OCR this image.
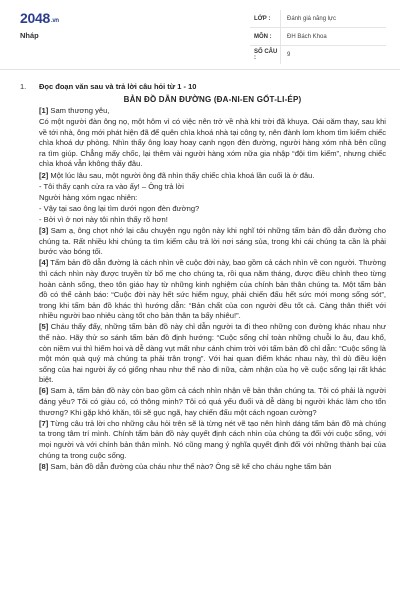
2048.vn
Nháp
LỚP :	Đánh giá năng lực
MÔN :	ĐH Bách Khoa
SỐ CÂU :	9
1. Đọc đoạn văn sau và trả lời câu hỏi từ 1 - 10
BẢN ĐỒ DẪN ĐƯỜNG (ĐA-NI-EN GỐT-LI-ÉP)
[1] Sam thương yêu,
Có một người đàn ông nọ, một hôm vì có việc nên trở về nhà khi trời đã khuya. Oái oăm thay, sau khi về tới nhà, ông mới phát hiện đã để quên chìa khoá nhà tại công ty, nên đành lom khom tìm kiếm chiếc chìa khoá dự phòng. Nhìn thấy ông loay hoay cạnh ngọn đèn đường, người hàng xóm nhà bên cũng ra tìm giúp. Chẳng mấy chốc, lại thêm vài người hàng xóm nữa gia nhập “đội tìm kiếm”, nhưng chiếc chìa khoá vẫn không thấy đâu.
[2] Một lúc lâu sau, một người ông đã nhìn thấy chiếc chìa khoá lần cuối là ở đâu.
- Tôi thấy cạnh cửa ra vào ấy! – Ông trả lời
Người hàng xóm ngạc nhiên:
- Vậy tại sao ông lại tìm dưới ngọn đèn đường?
- Bởi vì ở nơi này tôi nhìn thấy rõ hơn!
[3] Sam ạ, ông chợt nhớ lại câu chuyện ngụ ngôn này khi nghĩ tới những tấm bản đồ dẫn đường cho chúng ta. Rất nhiều khi chúng ta tìm kiếm câu trả lời nơi sáng sủa, trong khi cái chúng ta cần là phải bước vào bóng tối.
[4] Tấm bản đồ dẫn đường là cách nhìn về cuộc đời này, bao gồm cả cách nhìn về con người. Thường thì cách nhìn này được truyền từ bố mẹ cho chúng ta, rồi qua năm tháng, được điều chỉnh theo từng hoàn cảnh sống, theo tôn giáo hay từ những kinh nghiệm của chính bản thân chúng ta. Một tấm bản đồ có thể cảnh báo: “Cuộc đời này hết sức hiểm nguy, phải chiến đấu hết sức mới mong sống sót”, trong khi tấm bản đồ khác thì hướng dẫn: “Bản chất của con người đều tốt cả. Càng thân thiết với nhiều người bao nhiêu càng tốt cho bản thân ta bấy nhiêu!”.
[5] Cháu thấy đấy, những tấm bản đồ này chỉ dẫn người ta đi theo những con đường khác nhau như thế nào. Hãy thử so sánh tấm bản đồ định hướng: “Cuộc sống chỉ toàn những chuỗi lo âu, đau khổ, còn niềm vui thì hiếm hoi và dễ dàng vụt mất như cánh chim trời với tấm bản đồ chỉ dẫn: “Cuộc sống là một món quà quý mà chúng ta phải trân trọng”. Với hai quan điểm khác nhau này, thì dù điều kiện sống của hai người ấy có giống nhau như thế nào đi nữa, cảm nhận của họ về cuộc sống lại rất khác biệt.
[6] Sam à, tấm bản đồ này còn bao gồm cả cách nhìn nhận về bản thân chúng ta. Tôi có phải là người đáng yêu? Tôi có giàu có, có thông minh? Tôi có quá yếu đuối và dễ dàng bị người khác làm cho tổn thương? Khi gặp khó khăn, tôi sẽ gục ngã, hay chiến đấu một cách ngoan cường?
[7] Từng câu trả lời cho những câu hỏi trên sẽ là từng nét vẽ tạo nên hình dáng tấm bản đồ mà chúng ta trong tâm trí mình. Chính tấm bản đồ này quyết định cách nhìn của chúng ta đối với cuộc sống, với mọi người và với chính bản thân mình. Nó cũng mang ý nghĩa quyết định đối với những thành bại của chúng ta trong cuộc sống.
[8] Sam, bản đồ dẫn đường của cháu như thế nào? Ông sẽ kể cho cháu nghe tấm bản
